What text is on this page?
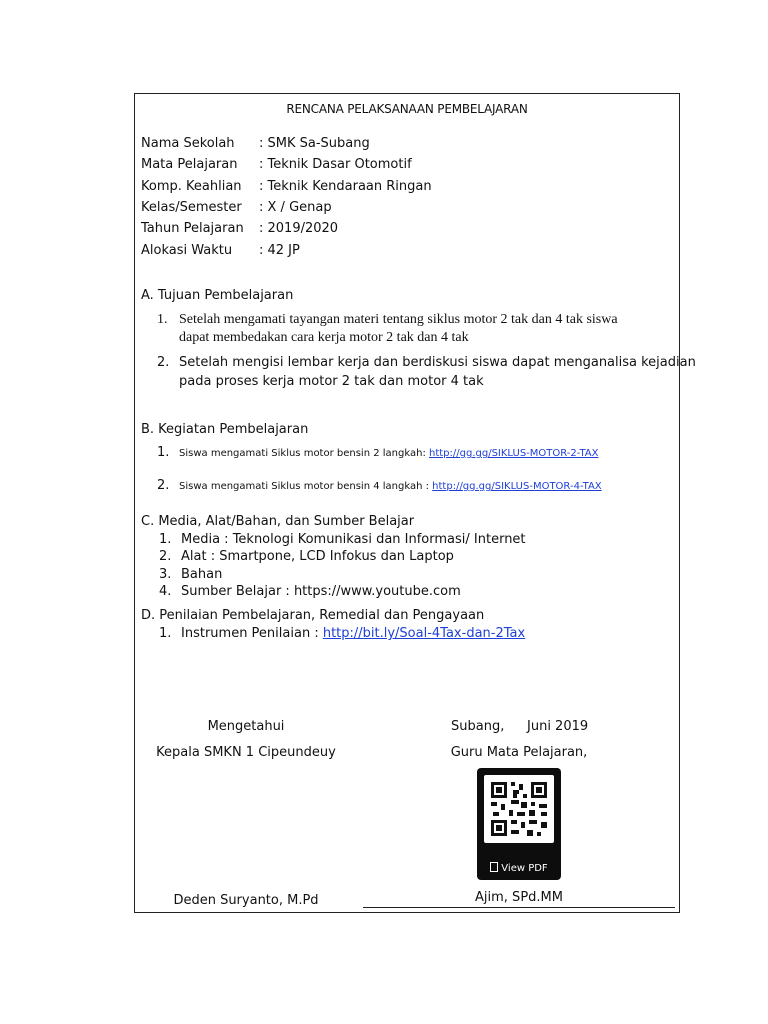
RENCANA PELAKSANAAN PEMBELAJARAN
Nama Sekolah : SMK Sa-Subang
Mata Pelajaran : Teknik Dasar Otomotif
Komp. Keahlian : Teknik Kendaraan Ringan
Kelas/Semester : X / Genap
Tahun Pelajaran : 2019/2020
Alokasi Waktu : 42 JP
A. Tujuan Pembelajaran
1. Setelah mengamati tayangan materi tentang siklus motor 2 tak dan 4 tak siswa
dapat membedakan cara kerja motor 2 tak dan 4 tak
2. Setelah mengisi lembar kerja dan berdiskusi siswa dapat menganalisa kejadian
pada proses kerja motor 2 tak dan motor 4 tak
B. Kegiatan Pembelajaran
1. Siswa mengamati Siklus motor bensin 2 langkah: http://gg.gg/SIKLUS-MOTOR-2-TAX
2. Siswa mengamati Siklus motor bensin 4 langkah : http://gg.gg/SIKLUS-MOTOR-4-TAX
C. Media, Alat/Bahan, dan Sumber Belajar
1. Media : Teknologi Komunikasi dan Informasi/ Internet
2. Alat : Smartpone, LCD Infokus dan Laptop
3. Bahan
4. Sumber Belajar : https://www.youtube.com
D. Penilaian Pembelajaran, Remedial dan Pengayaan
1. Instrumen Penilaian : http://bit.ly/Soal-4Tax-dan-2Tax
Mengetahui
Kepala SMKN 1 Cipeundeuy
Deden Suryanto, M.Pd
Subang, Juni 2019
Guru Mata Pelajaran,
View PDF
Ajim, SPd.MM
